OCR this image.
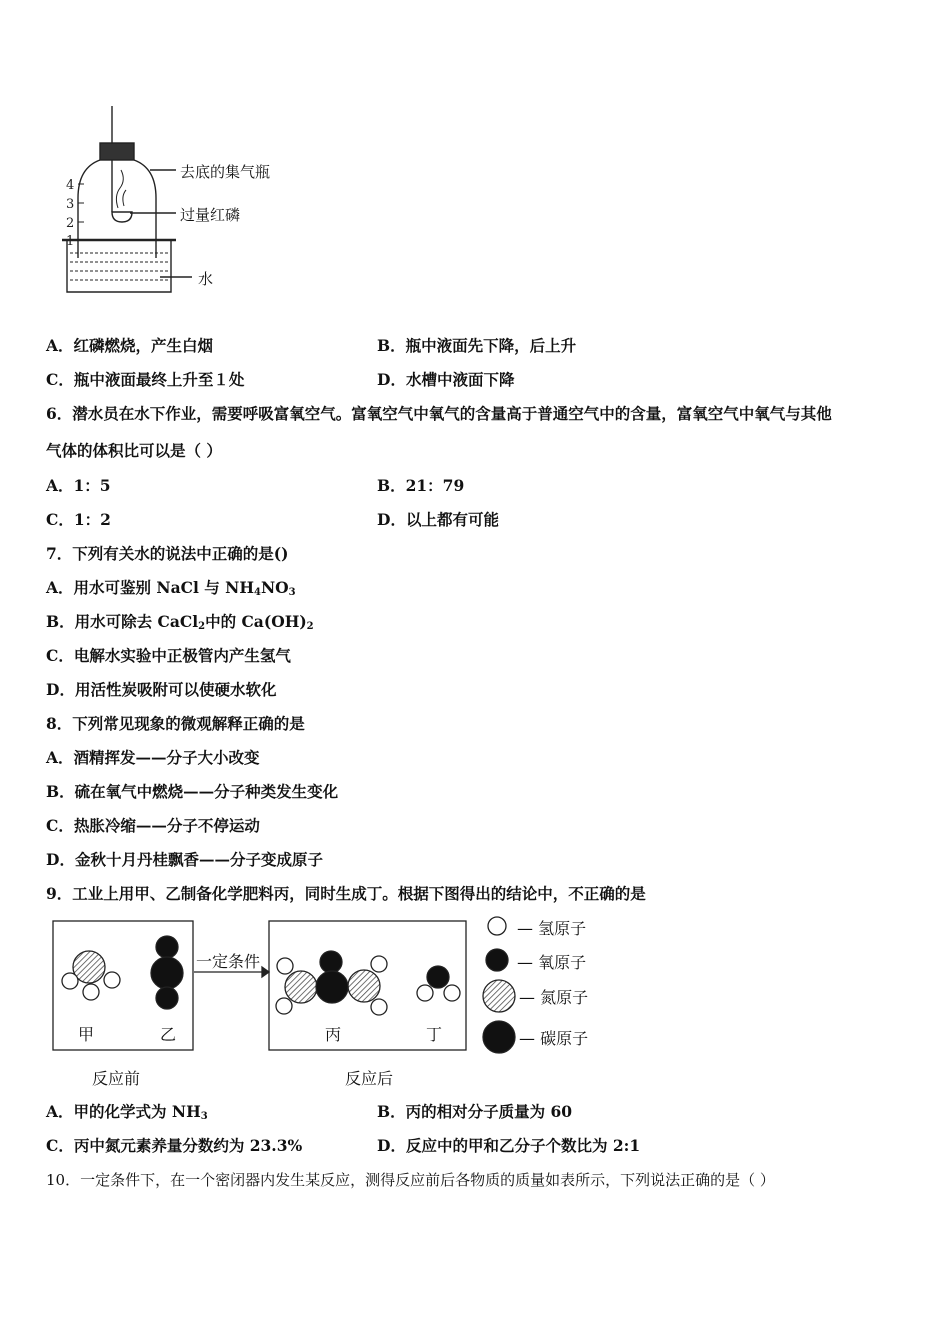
4
3
2
1
去底的集气瓶
过量红磷
水
A．红磷燃烧，产生白烟	B．瓶中液面先下降，后上升
C．瓶中液面最终上升至１处	D．水槽中液面下降
6．潜水员在水下作业，需要呼吸富氧空气。富氧空气中氧气的含量高于普通空气中的含量，富氧空气中氧气与其他
气体的体积比可以是（ ）
A．1：5	B．21：79
C．1：2	D．以上都有可能
7．下列有关水的说法中正确的是()
A．用水可鉴别 NaCl 与 $NH_4NO_3$
B．用水可除去 CaCl$_2$中的 $Ca(OH)_2$
C．电解水实验中正极管内产生氢气
D．用活性炭吸附可以使硬水软化
8．下列常见现象的微观解释正确的是
A．酒精挥发——分子大小改变
B．硫在氧气中燃烧——分子种类发生变化
C．热胀冷缩——分子不停运动
D．金秋十月丹桂飘香——分子变成原子
9．工业上用甲、乙制备化学肥料丙，同时生成丁。根据下图得出的结论中，不正确的是
一定条件
甲	乙	丙	丁
反应前	反应后
— 氢原子
— 氧原子
— 氮原子
— 碳原子
A．甲的化学式为 $NH_3$	B．丙的相对分子质量为 60
C．丙中氮元素养量分数约为 23.3%	D．反应中的甲和乙分子个数比为 2:1
10．一定条件下，在一个密闭器内发生某反应，测得反应前后各物质的质量如表所示，下列说法正确的是（ ）
